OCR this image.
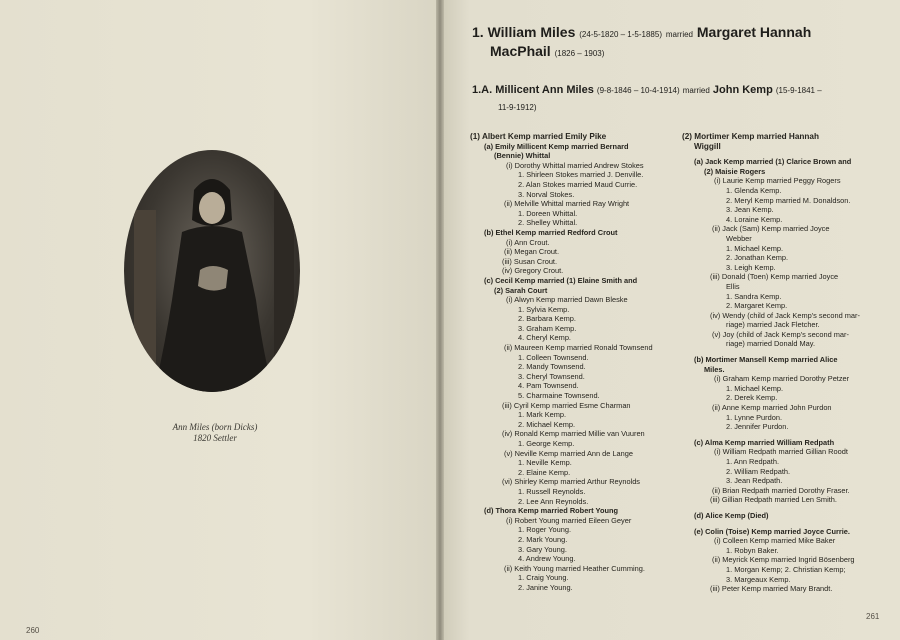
Ann Miles (born Dicks)
1820 Settler
260
261
1. William Miles (24-5-1820 – 1-5-1885) married Margaret Hannah
MacPhail (1826 – 1903)
1.A. Millicent Ann Miles (9-8-1846 – 10-4-1914) married John Kemp (15-9-1841 –
11-9-1912)
(1) Albert Kemp married Emily Pike
(a) Emily Millicent Kemp married Bernard
(Bennie) Whittal
(i) Dorothy Whittal married Andrew Stokes
1. Shirleen Stokes married J. Denville.
2. Alan Stokes married Maud Currie.
3. Norval Stokes.
(ii) Melville Whittal married Ray Wright
1. Doreen Whittal.
2. Shelley Whittal.
(b) Ethel Kemp married Redford Crout
(i) Ann Crout.
(ii) Megan Crout.
(iii) Susan Crout.
(iv) Gregory Crout.
(c) Cecil Kemp married (1) Elaine Smith and
(2) Sarah Court
(i) Alwyn Kemp married Dawn Bleske
1. Sylvia Kemp.
2. Barbara Kemp.
3. Graham Kemp.
4. Cheryl Kemp.
(ii) Maureen Kemp married Ronald Townsend
1. Colleen Townsend.
2. Mandy Townsend.
3. Cheryl Townsend.
4. Pam Townsend.
5. Charmaine Townsend.
(iii) Cyril Kemp married Esme Charman
1. Mark Kemp.
2. Michael Kemp.
(iv) Ronald Kemp married Millie van Vuuren
1. George Kemp.
(v) Neville Kemp married Ann de Lange
1. Neville Kemp.
2. Elaine Kemp.
(vi) Shirley Kemp married Arthur Reynolds
1. Russell Reynolds.
2. Lee Ann Reynolds.
(d) Thora Kemp married Robert Young
(i) Robert Young married Eileen Geyer
1. Roger Young.
2. Mark Young.
3. Gary Young.
4. Andrew Young.
(ii) Keith Young married Heather Cumming.
1. Craig Young.
2. Janine Young.
(2) Mortimer Kemp married Hannah
Wiggill
(a) Jack Kemp married (1) Clarice Brown and
(2) Maisie Rogers
(i) Laurie Kemp married Peggy Rogers
1. Glenda Kemp.
2. Meryl Kemp married M. Donaldson.
3. Jean Kemp.
4. Loraine Kemp.
(ii) Jack (Sam) Kemp married Joyce
Webber
1. Michael Kemp.
2. Jonathan Kemp.
3. Leigh Kemp.
(iii) Donald (Toen) Kemp married Joyce
Ellis
1. Sandra Kemp.
2. Margaret Kemp.
(iv) Wendy (child of Jack Kemp's second mar-
riage) married Jack Fletcher.
(v) Joy (child of Jack Kemp's second mar-
riage) married Donald May.
(b) Mortimer Mansell Kemp married Alice
Miles.
(i) Graham Kemp married Dorothy Petzer
1. Michael Kemp.
2. Derek Kemp.
(ii) Anne Kemp married John Purdon
1. Lynne Purdon.
2. Jennifer Purdon.
(c) Alma Kemp married William Redpath
(i) William Redpath married Gillian Roodt
1. Ann Redpath.
2. William Redpath.
3. Jean Redpath.
(ii) Brian Redpath married Dorothy Fraser.
(iii) Gillian Redpath married Len Smith.
(d) Alice Kemp (Died)
(e) Colin (Toise) Kemp married Joyce Currie.
(i) Colleen Kemp married Mike Baker
1. Robyn Baker.
(ii) Meyrick Kemp married Ingrid Bösenberg
1. Morgan Kemp; 2. Christian Kemp;
3. Margeaux Kemp.
(iii) Peter Kemp married Mary Brandt.
